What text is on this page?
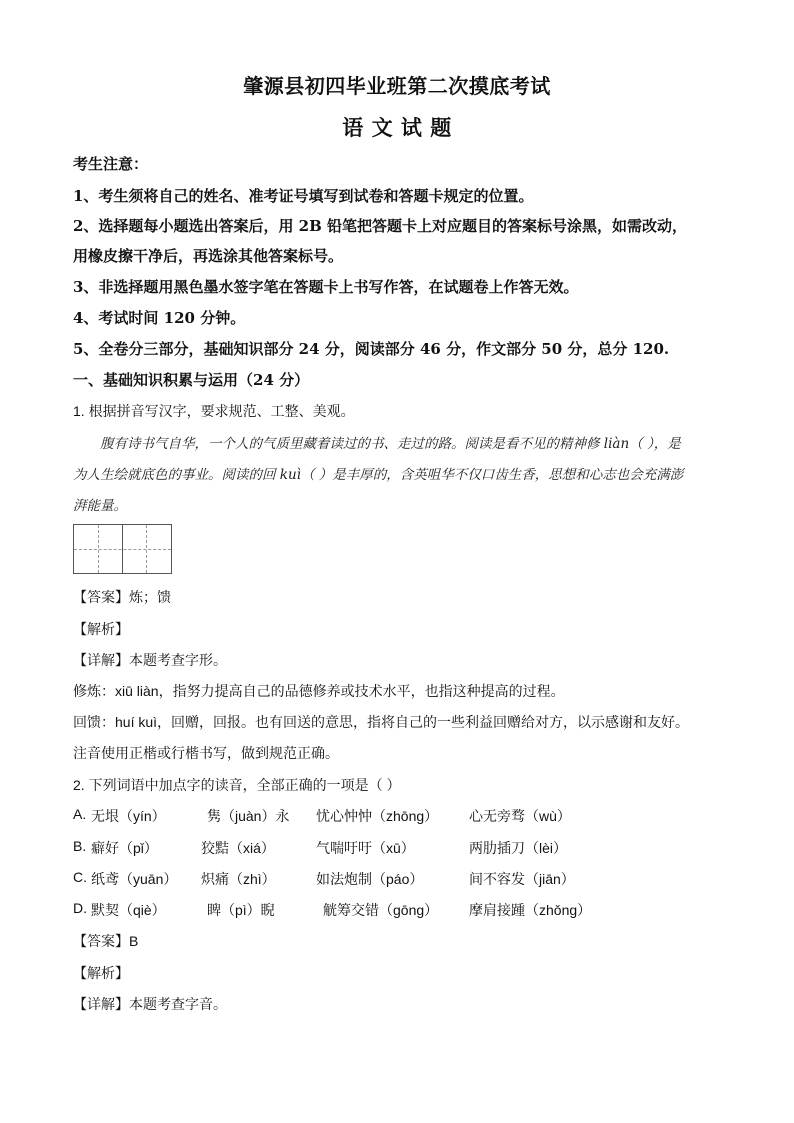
肇源县初四毕业班第二次摸底考试
语 文 试 题
考生注意：
1、考生须将自己的姓名、准考证号填写到试卷和答题卡规定的位置。
2、选择题每小题选出答案后，用 2B 铅笔把答题卡上对应题目的答案标号涂黑，如需改动，
用橡皮擦干净后，再选涂其他答案标号。
3、非选择题用黑色墨水签字笔在答题卡上书写作答，在试题卷上作答无效。
4、考试时间 120 分钟。
5、全卷分三部分，基础知识部分 24 分，阅读部分 46 分，作文部分 50 分，总分 120.
一、基础知识积累与运用（24 分）
1. 根据拼音写汉字，要求规范、工整、美观。
腹有诗书气自华，一个人的气质里藏着读过的书、走过的路。阅读是看不见的精神修 liàn（ ），是
为人生绘就底色的事业。阅读的回 kuì（ ）是丰厚的，含英咀华不仅口齿生香，思想和心志也会充满澎
湃能量。
【答案】炼；馈
【解析】
【详解】本题考查字形。
修炼：xiū liàn，指努力提高自己的品德修养或技术水平，也指这种提高的过程。
回馈：huí kuì，回赠，回报。也有回送的意思，指将自己的一些利益回赠给对方，以示感谢和友好。
注音使用正楷或行楷书写，做到规范正确。
2. 下列词语中加点字的读音，全部正确的一项是（ ）
A. 无垠（yín）	隽（juàn）永 忧心忡忡（zhōng） 心无旁骛（wù）
B. 癖好（pǐ）	狡黠（xiá）	气喘吁吁（xū）	两肋插刀（lèi）
C. 纸鸢（yuān） 炽痛（zhì）	如法炮制（páo）	间不容发（jiān）
D. 默契（qiè）	睥（pì）睨	觥筹交错（gōng） 摩肩接踵（zhǒng）
【答案】B
【解析】
【详解】本题考查字音。
